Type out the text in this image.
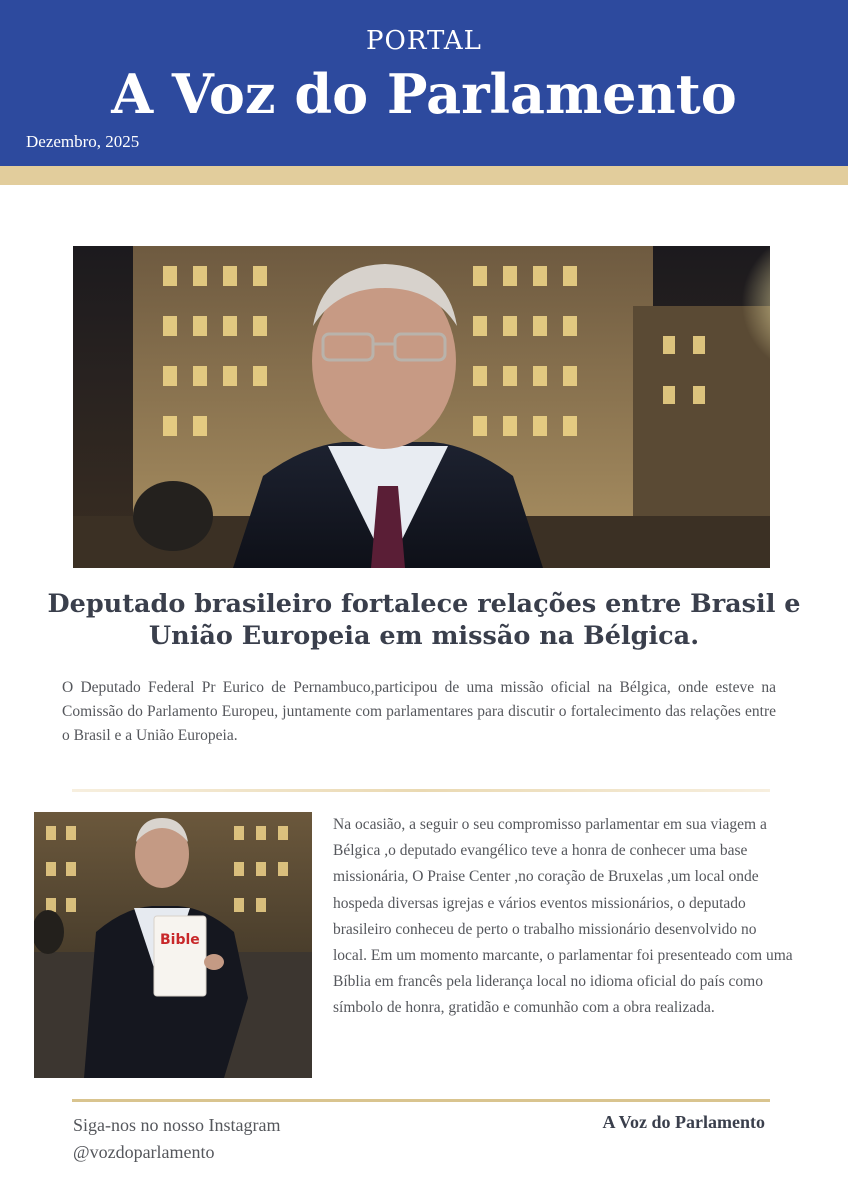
PORTAL
A Voz do Parlamento
Dezembro, 2025
Deputado brasileiro fortalece relações entre Brasil e União Europeia em missão na Bélgica.
O Deputado Federal Pr Eurico de Pernambuco,participou de uma missão oficial na Bélgica, onde esteve na Comissão do Parlamento Europeu, juntamente com parlamentares para discutir o fortalecimento das relações entre o Brasil e a União Europeia.
Bible
Na ocasião, a seguir o seu compromisso parlamentar em sua viagem a Bélgica ,o deputado evangélico teve a honra de conhecer uma base missionária, O Praise Center ,no coração de Bruxelas ,um local onde hospeda diversas igrejas e vários eventos missionários, o deputado brasileiro conheceu de perto o trabalho missionário desenvolvido no local. Em um momento marcante, o parlamentar foi presenteado com uma Bíblia em francês pela liderança local no idioma oficial do país como símbolo de honra, gratidão e comunhão com a obra realizada.
Siga-nos no nosso Instagram
@vozdoparlamento
A Voz do Parlamento
